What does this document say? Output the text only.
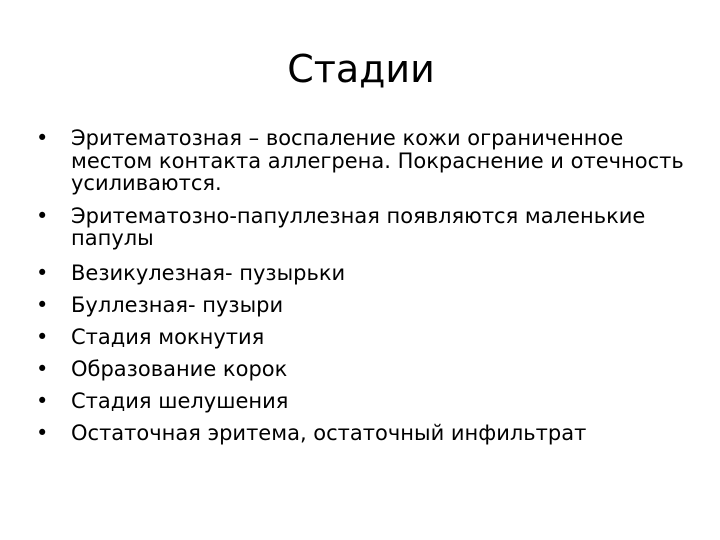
Стадии
• Эритематозная – воспаление кожи ограниченное местом контакта аллегрена. Покраснение и отечность усиливаются.
• Эритематозно-папуллезная появляются маленькие папулы
• Везикулезная- пузырьки
• Буллезная- пузыри
• Стадия мокнутия
• Образование корок
• Стадия шелушения
• Остаточная эритема, остаточный инфильтрат
